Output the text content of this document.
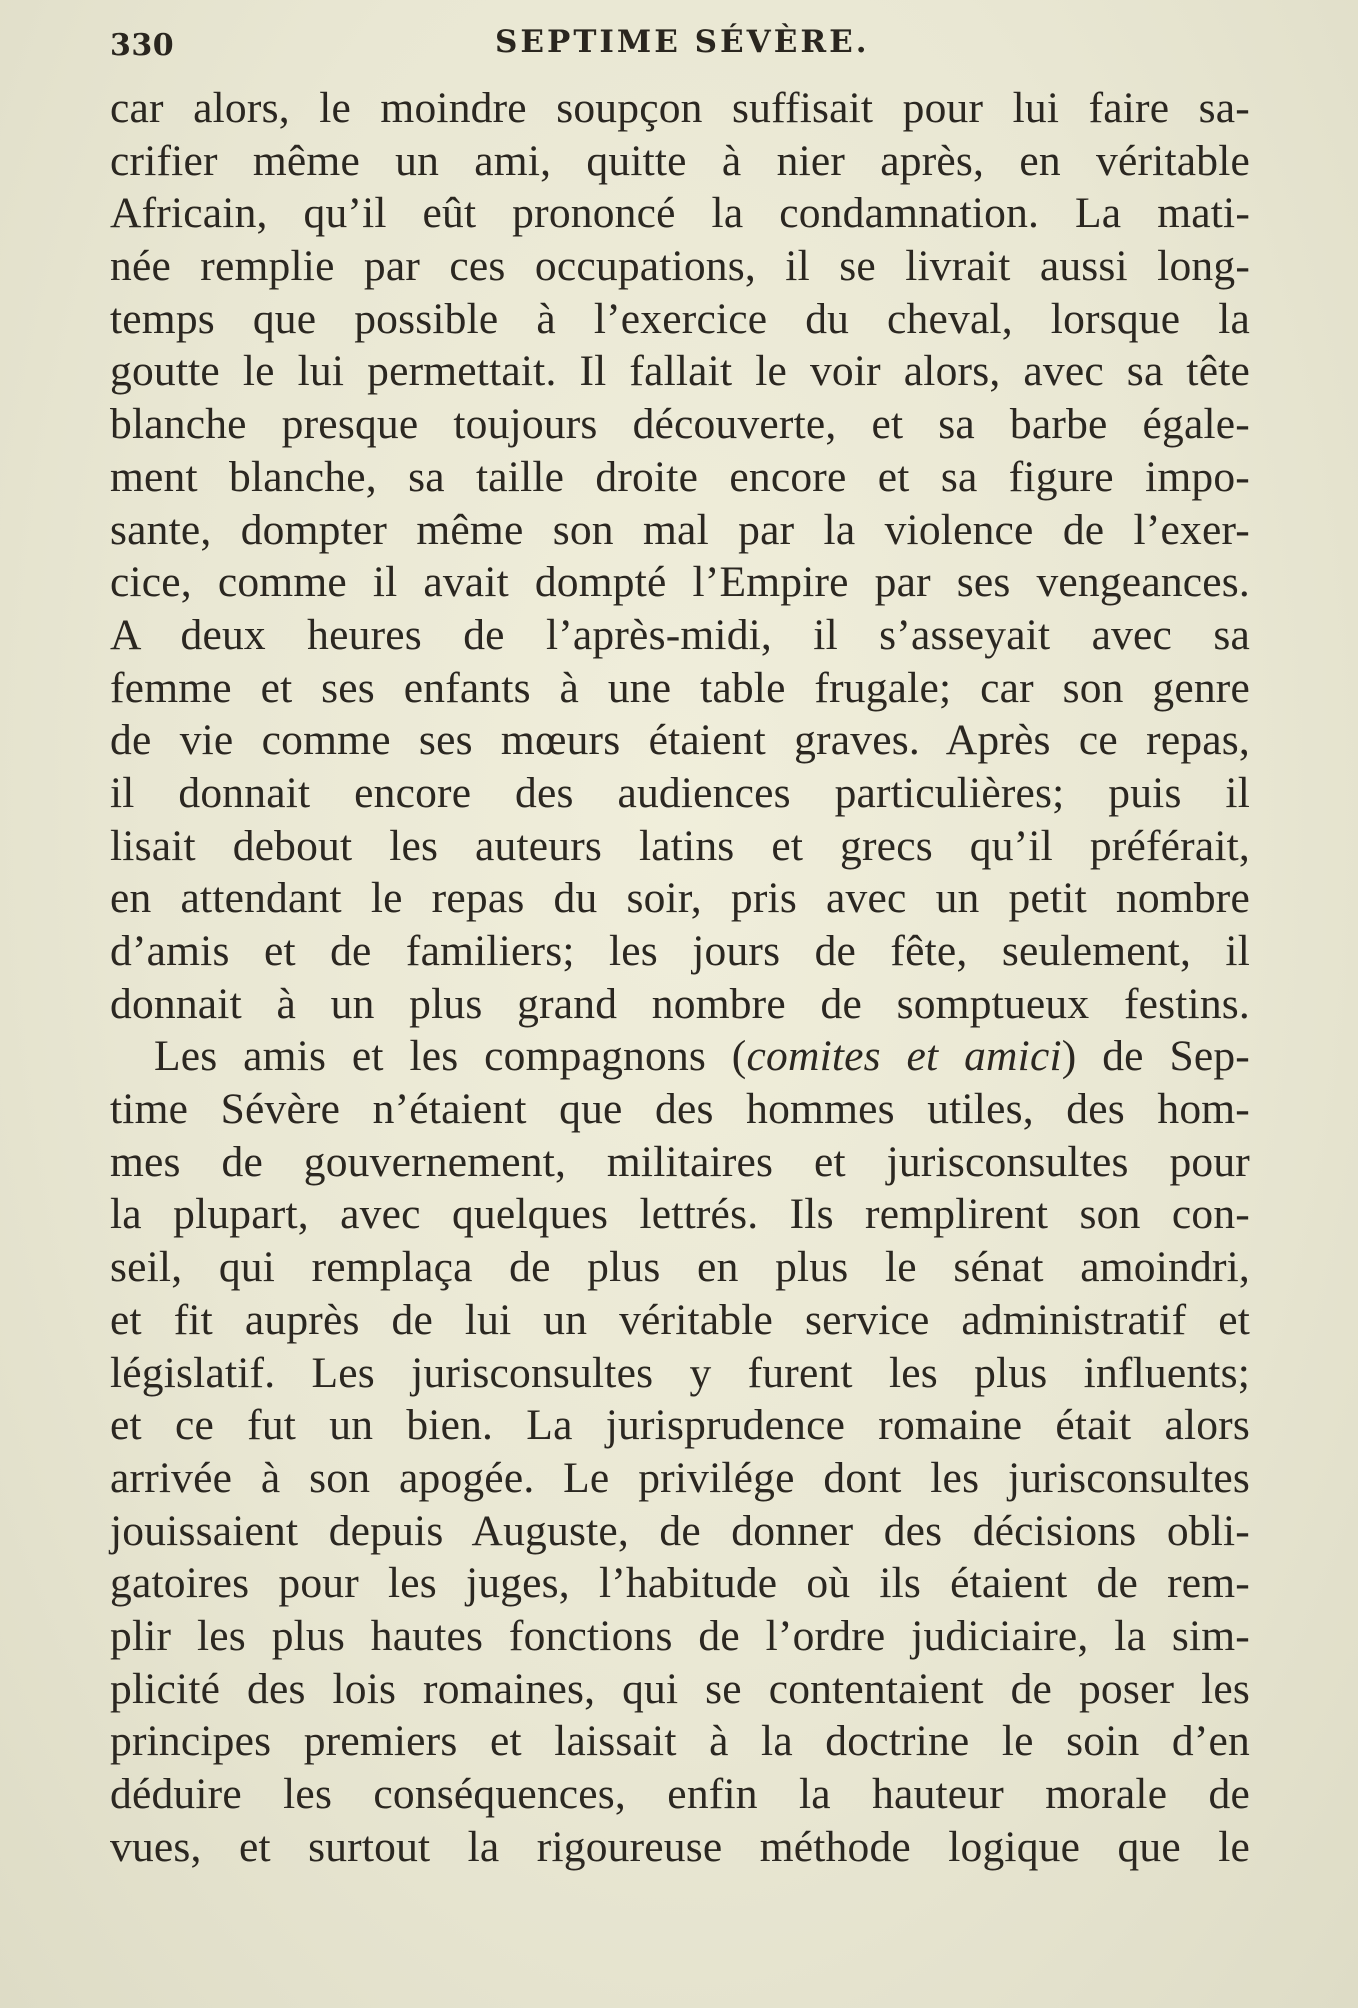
330	SEPTIME SÉVÈRE.
car alors, le moindre soupçon suffisait pour lui faire sa-
crifier même un ami, quitte à nier après, en véritable
Africain, qu’il eût prononcé la condamnation. La mati-
née remplie par ces occupations, il se livrait aussi long-
temps que possible à l’exercice du cheval, lorsque la
goutte le lui permettait. Il fallait le voir alors, avec sa tête
blanche presque toujours découverte, et sa barbe égale-
ment blanche, sa taille droite encore et sa figure impo-
sante, dompter même son mal par la violence de l’exer-
cice, comme il avait dompté l’Empire par ses vengeances.
A deux heures de l’après-midi, il s’asseyait avec sa
femme et ses enfants à une table frugale; car son genre
de vie comme ses mœurs étaient graves. Après ce repas,
il donnait encore des audiences particulières; puis il
lisait debout les auteurs latins et grecs qu’il préférait,
en attendant le repas du soir, pris avec un petit nombre
d’amis et de familiers; les jours de fête, seulement, il
donnait à un plus grand nombre de somptueux festins.
Les amis et les compagnons (comites et amici) de Sep-
time Sévère n’étaient que des hommes utiles, des hom-
mes de gouvernement, militaires et jurisconsultes pour
la plupart, avec quelques lettrés. Ils remplirent son con-
seil, qui remplaça de plus en plus le sénat amoindri,
et fit auprès de lui un véritable service administratif et
législatif. Les jurisconsultes y furent les plus influents;
et ce fut un bien. La jurisprudence romaine était alors
arrivée à son apogée. Le privilége dont les jurisconsultes
jouissaient depuis Auguste, de donner des décisions obli-
gatoires pour les juges, l’habitude où ils étaient de rem-
plir les plus hautes fonctions de l’ordre judiciaire, la sim-
plicité des lois romaines, qui se contentaient de poser les
principes premiers et laissait à la doctrine le soin d’en
déduire les conséquences, enfin la hauteur morale de
vues, et surtout la rigoureuse méthode logique que le
